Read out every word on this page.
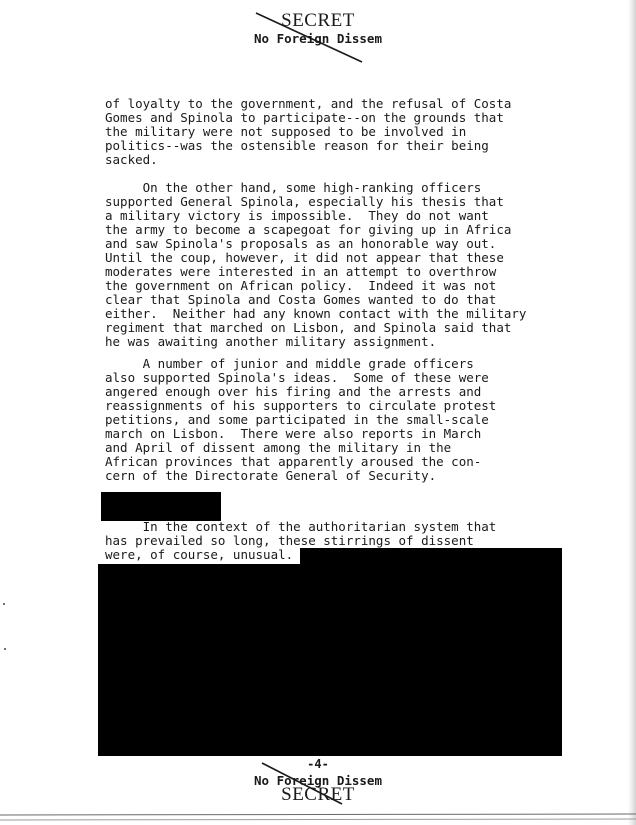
SECRET
No Foreign Dissem
of loyalty to the government, and the refusal of Costa
Gomes and Spinola to participate--on the grounds that
the military were not supposed to be involved in
politics--was the ostensible reason for their being
sacked.
On the other hand, some high-ranking officers
supported General Spinola, especially his thesis that
a military victory is impossible.  They do not want
the army to become a scapegoat for giving up in Africa
and saw Spinola's proposals as an honorable way out.
Until the coup, however, it did not appear that these
moderates were interested in an attempt to overthrow
the government on African policy.  Indeed it was not
clear that Spinola and Costa Gomes wanted to do that
either.  Neither had any known contact with the military
regiment that marched on Lisbon, and Spinola said that
he was awaiting another military assignment.
A number of junior and middle grade officers
also supported Spinola's ideas.  Some of these were
angered enough over his firing and the arrests and
reassignments of his supporters to circulate protest
petitions, and some participated in the small-scale
march on Lisbon.  There were also reports in March
and April of dissent among the military in the
African provinces that apparently aroused the con-
cern of the Directorate General of Security.
In the context of the authoritarian system that
has prevailed so long, these stirrings of dissent
were, of course, unusual.
-4-
No Foreign Dissem
SECRET
